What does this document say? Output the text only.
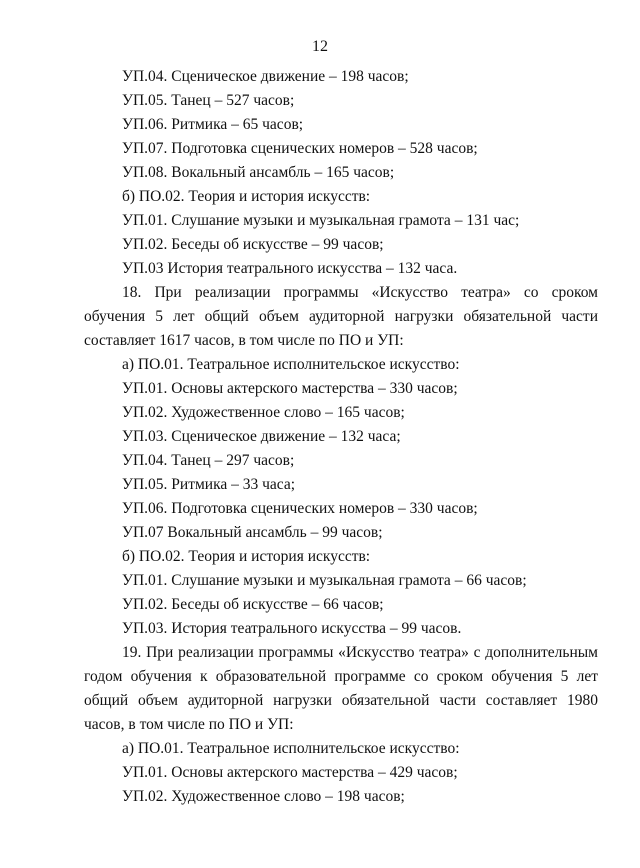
12
УП.04. Сценическое движение – 198 часов;
УП.05. Танец – 527 часов;
УП.06. Ритмика – 65 часов;
УП.07. Подготовка сценических номеров – 528 часов;
УП.08. Вокальный ансамбль – 165 часов;
б) ПО.02. Теория и история искусств:
УП.01. Слушание музыки и музыкальная грамота – 131 час;
УП.02. Беседы об искусстве – 99 часов;
УП.03 История театрального искусства – 132 часа.
18. При реализации программы «Искусство театра» со сроком обучения 5 лет общий объем аудиторной нагрузки обязательной части составляет 1617 часов, в том числе по ПО и УП:
а) ПО.01. Театральное исполнительское искусство:
УП.01. Основы актерского мастерства – 330 часов;
УП.02. Художественное слово – 165 часов;
УП.03. Сценическое движение – 132 часа;
УП.04. Танец – 297 часов;
УП.05. Ритмика – 33 часа;
УП.06. Подготовка сценических номеров – 330 часов;
УП.07 Вокальный ансамбль – 99 часов;
б) ПО.02. Теория и история искусств:
УП.01. Слушание музыки и музыкальная грамота – 66 часов;
УП.02. Беседы об искусстве – 66 часов;
УП.03. История театрального искусства – 99 часов.
19. При реализации программы «Искусство театра» с дополнительным годом обучения к образовательной программе со сроком обучения 5 лет общий объем аудиторной нагрузки обязательной части составляет 1980 часов, в том числе по ПО и УП:
а) ПО.01. Театральное исполнительское искусство:
УП.01. Основы актерского мастерства – 429 часов;
УП.02. Художественное слово – 198 часов;
